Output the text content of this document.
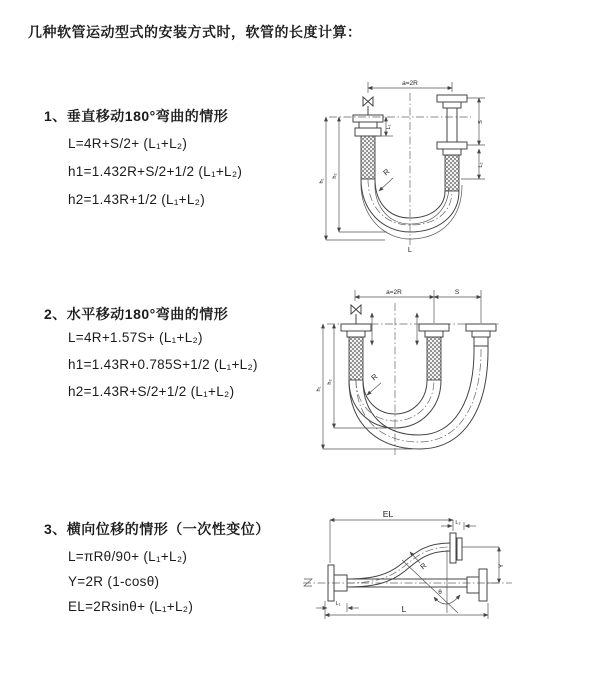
几种软管运动型式的安装方式时，软管的长度计算：
1、垂直移动180°弯曲的情形
L=4R+S/2+ (L₁+L₂)
h1=1.432R+S/2+1/2 (L₁+L₂)
h2=1.43R+1/2 (L₁+L₂)
2、水平移动180°弯曲的情形
L=4R+1.57S+ (L₁+L₂)
h1=1.43R+0.785S+1/2 (L₁+L₂)
h2=1.43R+S/2+1/2 (L₁+L₂)
3、横向位移的情形（一次性变位）
L=πRθ/90+ (L₁+L₂)
Y=2R (1-cosθ)
EL=2Rsinθ+ (L₁+L₂)
a=2R
R
L
h₁
h₂
S
L₂
L₁
a=2R	S
R
h₁
h₂
EL
L₂
R
θ
Y
L₁	L
